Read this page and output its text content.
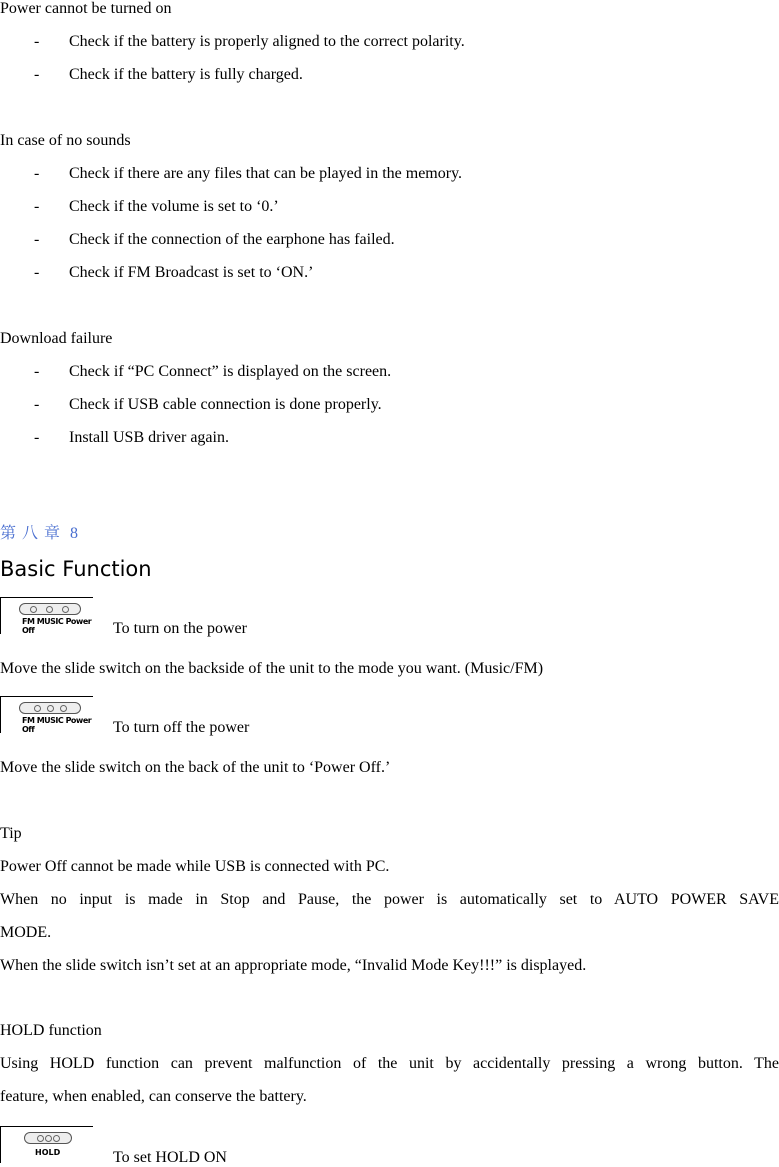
Power cannot be turned on
- Check if the battery is properly aligned to the correct polarity.
- Check if the battery is fully charged.
In case of no sounds
- Check if there are any files that can be played in the memory.
- Check if the volume is set to ‘0.’
- Check if the connection of the earphone has failed.
- Check if FM Broadcast is set to ‘ON.’
Download failure
- Check if “PC Connect” is displayed on the screen.
- Check if USB cable connection is done properly.
- Install USB driver again.
第八章 8
Basic Function
FM MUSIC Power Off	To turn on the power
Move the slide switch on the backside of the unit to the mode you want. (Music/FM)
FM MUSIC Power Off	To turn off the power
Move the slide switch on the back of the unit to ‘Power Off.’
Tip
Power Off cannot be made while USB is connected with PC.
When no input is made in Stop and Pause, the power is automatically set to AUTO POWER SAVE
MODE.
When the slide switch isn’t set at an appropriate mode, “Invalid Mode Key!!!” is displayed.
HOLD function
Using HOLD function can prevent malfunction of the unit by accidentally pressing a wrong button. The
feature, when enabled, can conserve the battery.
HOLD	To set HOLD ON
